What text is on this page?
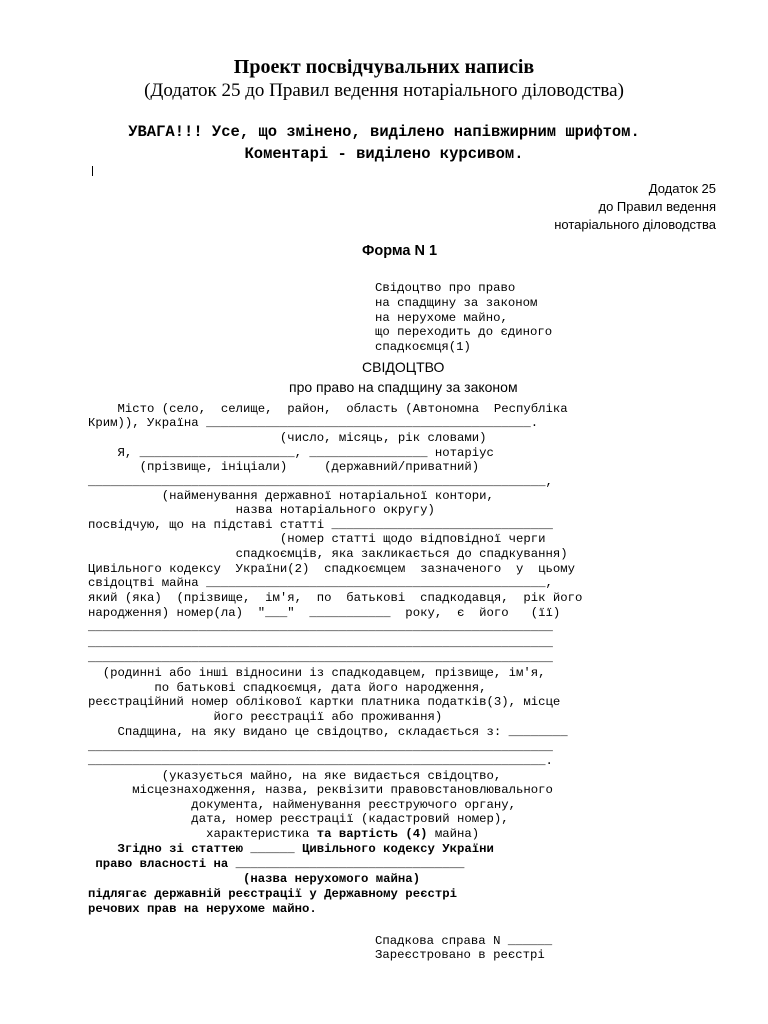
Проект посвідчувальних написів
(Додаток 25 до Правил ведення нотаріального діловодства)
УВАГА!!! Усе, що змінено, виділено напівжирним шрифтом.
Коментарі - виділено курсивом.
Додаток 25
до Правил ведення
нотаріального діловодства
Форма N 1
Свідоцтво про право
на спадщину за законом
на нерухоме майно,
що переходить до єдиного
спадкоємця(1)
СВІДОЦТВО
про право на спадщину за законом
Місто (село,  селище,  район,  область (Автономна  Республіка
Крим)), Україна ____________________________________________.
(число, місяць, рік словами)
Я, _____________________, ________________ нотаріус
(прізвище, ініціали)     (державний/приватний)
______________________________________________________________,
(найменування державної нотаріальної контори,
назва нотаріального округу)
посвідчую, що на підставі статті ______________________________
(номер статті щодо відповідної черги
спадкоємців, яка закликається до спадкування)
Цивільного кодексу  України(2)  спадкоємцем  зазначеного  у  цьому
свідоцтві майна ______________________________________________,
який (яка)  (прізвище,  ім'я,  по  батькові  спадкодавця,  рік його
народження) номер(ла)  "___"  ___________  року,  є  його   (її)
_______________________________________________________________
_______________________________________________________________
_______________________________________________________________
(родинні або інші відносини із спадкодавцем, прізвище, ім'я,
по батькові спадкоємця, дата його народження,
реєстраційний номер облікової картки платника податків(3), місце
його реєстрації або проживання)
Спадщина, на яку видано це свідоцтво, складається з: ________
_______________________________________________________________
______________________________________________________________.
(указується майно, на яке видається свідоцтво,
місцезнаходження, назва, реквізити правовстановлювального
документа, найменування реєструючого органу,
дата, номер реєстрації (кадастровий номер),
характеристика та вартість (4) майна)
Згідно зі статтею ______ Цивільного кодексу України
право власності на _______________________________
(назва нерухомого майна)
підлягає державній реєстрації у Державному реєстрі
речових прав на нерухоме майно.
Спадкова справа N ______
Зареєстровано в реєстрі
